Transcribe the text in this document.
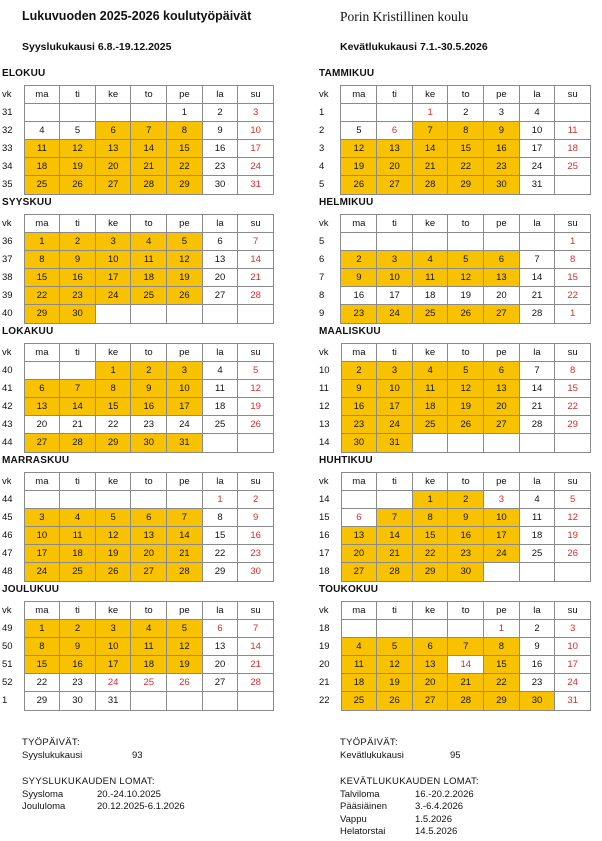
Lukuvuoden 2025-2026 koulutyöpäivät	Porin Kristillinen koulu
Syyslukukausi 6.8.-19.12.2025	Kevätlukukausi 7.1.-30.5.2026
ELOKUU
vk	ma	ti	ke	to	pe	la	su
31					1	2	3
32	4	5	6	7	8	9	10
33	11	12	13	14	15	16	17
34	18	19	20	21	22	23	24
35	25	26	27	28	29	30	31
SYYSKUU
vk	ma	ti	ke	to	pe	la	su
36	1	2	3	4	5	6	7
37	8	9	10	11	12	13	14
38	15	16	17	18	19	20	21
39	22	23	24	25	26	27	28
40	29	30					
LOKAKUU
vk	ma	ti	ke	to	pe	la	su
40			1	2	3	4	5
41	6	7	8	9	10	11	12
42	13	14	15	16	17	18	19
43	20	21	22	23	24	25	26
44	27	28	29	30	31		
MARRASKUU
vk	ma	ti	ke	to	pe	la	su
44						1	2
45	3	4	5	6	7	8	9
46	10	11	12	13	14	15	16
47	17	18	19	20	21	22	23
48	24	25	26	27	28	29	30
JOULUKUU
vk	ma	ti	ke	to	pe	la	su
49	1	2	3	4	5	6	7
50	8	9	10	11	12	13	14
51	15	16	17	18	19	20	21
52	22	23	24	25	26	27	28
1	29	30	31				
TAMMIKUU
vk	ma	ti	ke	to	pe	la	su
1			1	2	3	4	
2	5	6	7	8	9	10	11
3	12	13	14	15	16	17	18
4	19	20	21	22	23	24	25
5	26	27	28	29	30	31	
HELMIKUU
vk	ma	ti	ke	to	pe	la	su
5							1
6	2	3	4	5	6	7	8
7	9	10	11	12	13	14	15
8	16	17	18	19	20	21	22
9	23	24	25	26	27	28	1
MAALISKUU
vk	ma	ti	ke	to	pe	la	su
10	2	3	4	5	6	7	8
11	9	10	11	12	13	14	15
12	16	17	18	19	20	21	22
13	23	24	25	26	27	28	29
14	30	31					
HUHTIKUU
vk	ma	ti	ke	to	pe	la	su
14			1	2	3	4	5
15	6	7	8	9	10	11	12
16	13	14	15	16	17	18	19
17	20	21	22	23	24	25	26
18	27	28	29	30			
TOUKOKUU
vk	ma	ti	ke	to	pe	la	su
18					1	2	3
19	4	5	6	7	8	9	10
20	11	12	13	14	15	16	17
21	18	19	20	21	22	23	24
22	25	26	27	28	29	30	31
TYÖPÄIVÄT:
Syyslukukausi	93
SYYSLUKUKAUDEN LOMAT:
Syysloma	20.-24.10.2025
Joululoma	20.12.2025-6.1.2026
TYÖPÄIVÄT:
Kevätlukukausi	95
KEVÄTLUKUKAUDEN LOMAT:
Talviloma	16.-20.2.2026
Pääsiäinen	3.-6.4.2026
Vappu	1.5.2026
Helatorstai	14.5.2026
